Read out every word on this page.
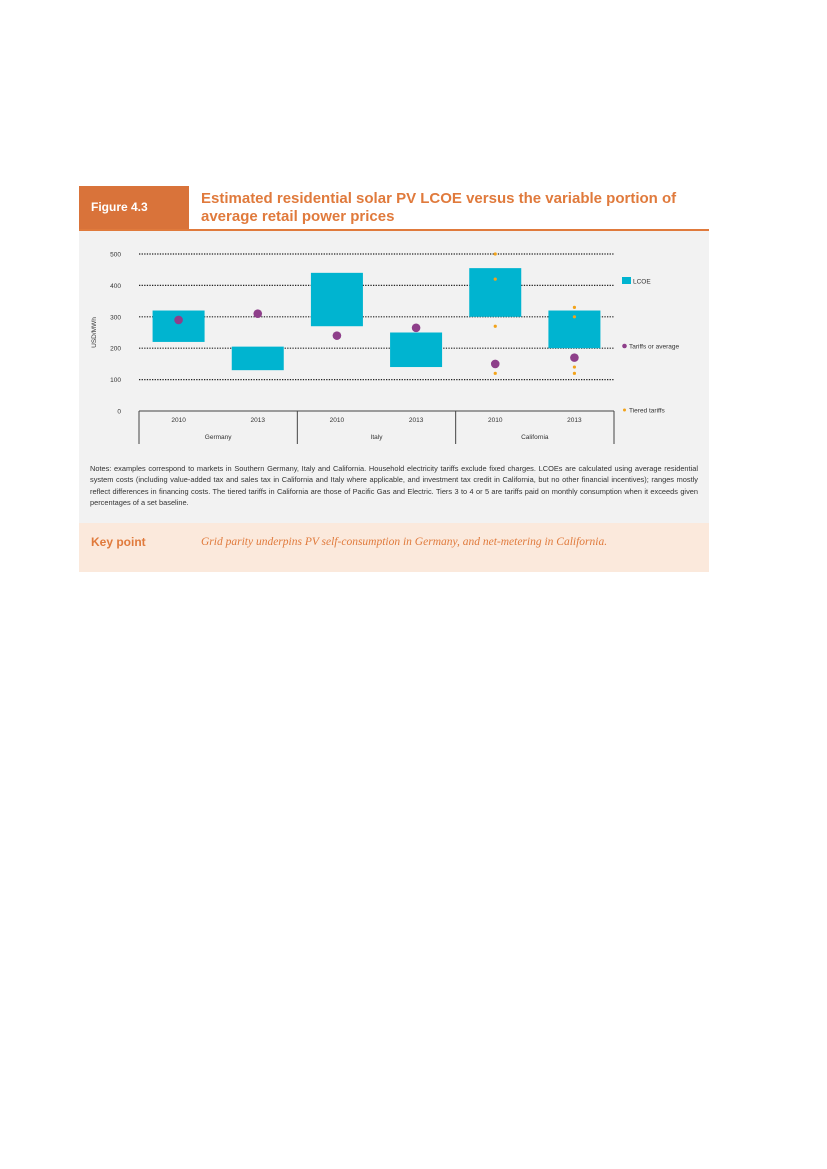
Figure 4.3	Estimated residential solar PV LCOE versus the variable portion of average retail power prices
0
100
200
300
400
500
USD/MWh
2010	2013
Germany
2010	2013
Italy
2010	2013
California
LCOE
Tariffs or average
Tiered tariffs
Notes: examples correspond to markets in Southern Germany, Italy and California. Household electricity tariffs exclude fixed charges. LCOEs are calculated using average residential system costs (including value-added tax and sales tax in California and Italy where applicable, and investment tax credit in California, but no other financial incentives); ranges mostly reflect differences in financing costs. The tiered tariffs in California are those of Pacific Gas and Electric. Tiers 3 to 4 or 5 are tariffs paid on monthly consumption when it exceeds given percentages of a set baseline.
Key point	Grid parity underpins PV self-consumption in Germany, and net-metering in California.
